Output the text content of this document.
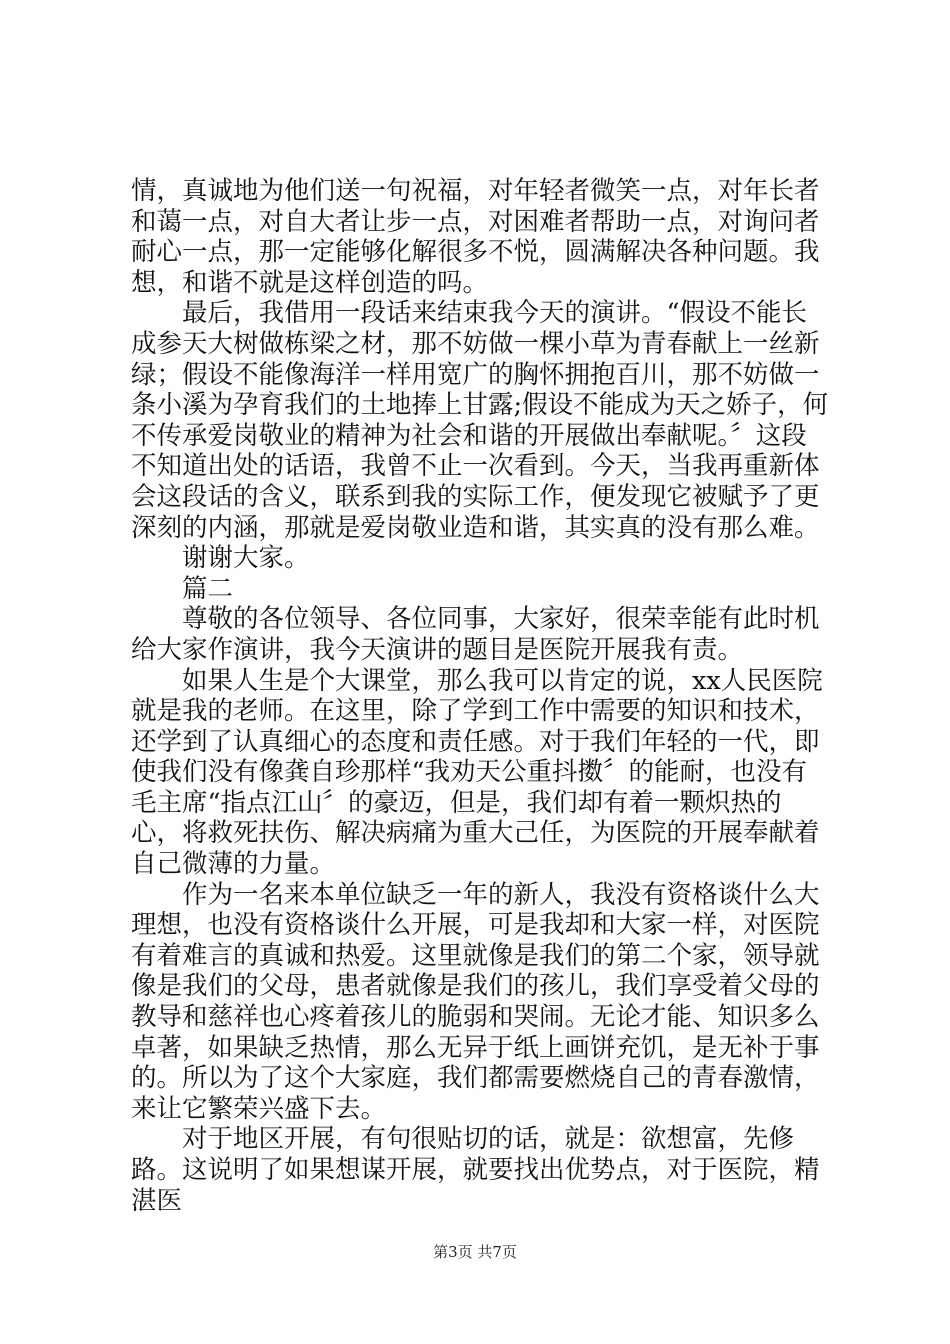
情，真诚地为他们送一句祝福，对年轻者微笑一点，对年长者和蔼一点，对自大者让步一点，对困难者帮助一点，对询问者耐心一点，那一定能够化解很多不悦，圆满解决各种问题。我想，和谐不就是这样创造的吗。

最后，我借用一段话来结束我今天的演讲。“假设不能长成参天大树做栋梁之材，那不妨做一棵小草为青春献上一丝新绿；假设不能像海洋一样用宽广的胸怀拥抱百川，那不妨做一条小溪为孕育我们的土地捧上甘露;假设不能成为天之娇子，何不传承爱岗敬业的精神为社会和谐的开展做出奉献呢。〞这段不知道出处的话语，我曾不止一次看到。今天，当我再重新体会这段话的含义，联系到我的实际工作，便发现它被赋予了更深刻的内涵，那就是爱岗敬业造和谐，其实真的没有那么难。

谢谢大家。

篇二

尊敬的各位领导、各位同事，大家好，很荣幸能有此时机给大家作演讲，我今天演讲的题目是医院开展我有责。

如果人生是个大课堂，那么我可以肯定的说，xx人民医院就是我的老师。在这里，除了学到工作中需要的知识和技术，还学到了认真细心的态度和责任感。对于我们年轻的一代，即使我们没有像龚自珍那样“我劝天公重抖擞〞的能耐，也没有毛主席“指点江山〞的豪迈，但是，我们却有着一颗炽热的心，将救死扶伤、解决病痛为重大己任，为医院的开展奉献着自己微薄的力量。

作为一名来本单位缺乏一年的新人，我没有资格谈什么大理想，也没有资格谈什么开展，可是我却和大家一样，对医院有着难言的真诚和热爱。这里就像是我们的第二个家，领导就像是我们的父母，患者就像是我们的孩儿，我们享受着父母的教导和慈祥也心疼着孩儿的脆弱和哭闹。无论才能、知识多么卓著，如果缺乏热情，那么无异于纸上画饼充饥，是无补于事的。所以为了这个大家庭，我们都需要燃烧自己的青春激情，来让它繁荣兴盛下去。

对于地区开展，有句很贴切的话，就是：欲想富，先修路。这说明了如果想谋开展，就要找出优势点，对于医院，精湛医

第3页 共7页
